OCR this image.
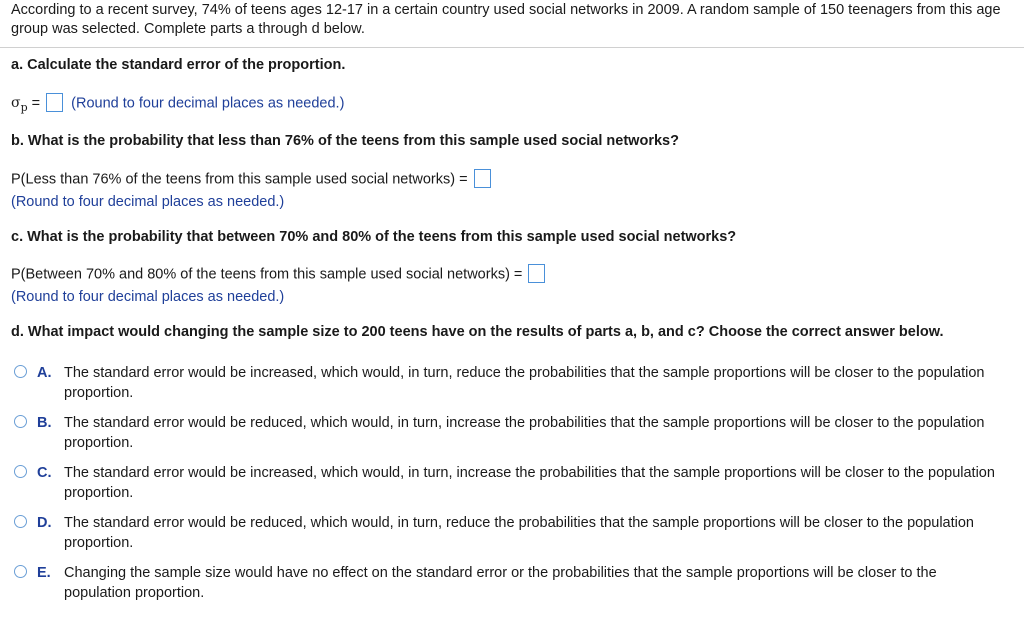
According to a recent survey, 74% of teens ages 12-17 in a certain country used social networks in 2009. A random sample of 150 teenagers from this age group was selected. Complete parts a through d below.
a. Calculate the standard error of the proportion.
$\sigma_p$ = (Round to four decimal places as needed.)
b. What is the probability that less than 76% of the teens from this sample used social networks?
P(Less than 76% of the teens from this sample used social networks) =
(Round to four decimal places as needed.)
c. What is the probability that between 70% and 80% of the teens from this sample used social networks?
P(Between 70% and 80% of the teens from this sample used social networks) =
(Round to four decimal places as needed.)
d. What impact would changing the sample size to 200 teens have on the results of parts a, b, and c? Choose the correct answer below.
A. The standard error would be increased, which would, in turn, reduce the probabilities that the sample proportions will be closer to the population proportion.
B. The standard error would be reduced, which would, in turn, increase the probabilities that the sample proportions will be closer to the population proportion.
C. The standard error would be increased, which would, in turn, increase the probabilities that the sample proportions will be closer to the population proportion.
D. The standard error would be reduced, which would, in turn, reduce the probabilities that the sample proportions will be closer to the population proportion.
E. Changing the sample size would have no effect on the standard error or the probabilities that the sample proportions will be closer to the population proportion.
